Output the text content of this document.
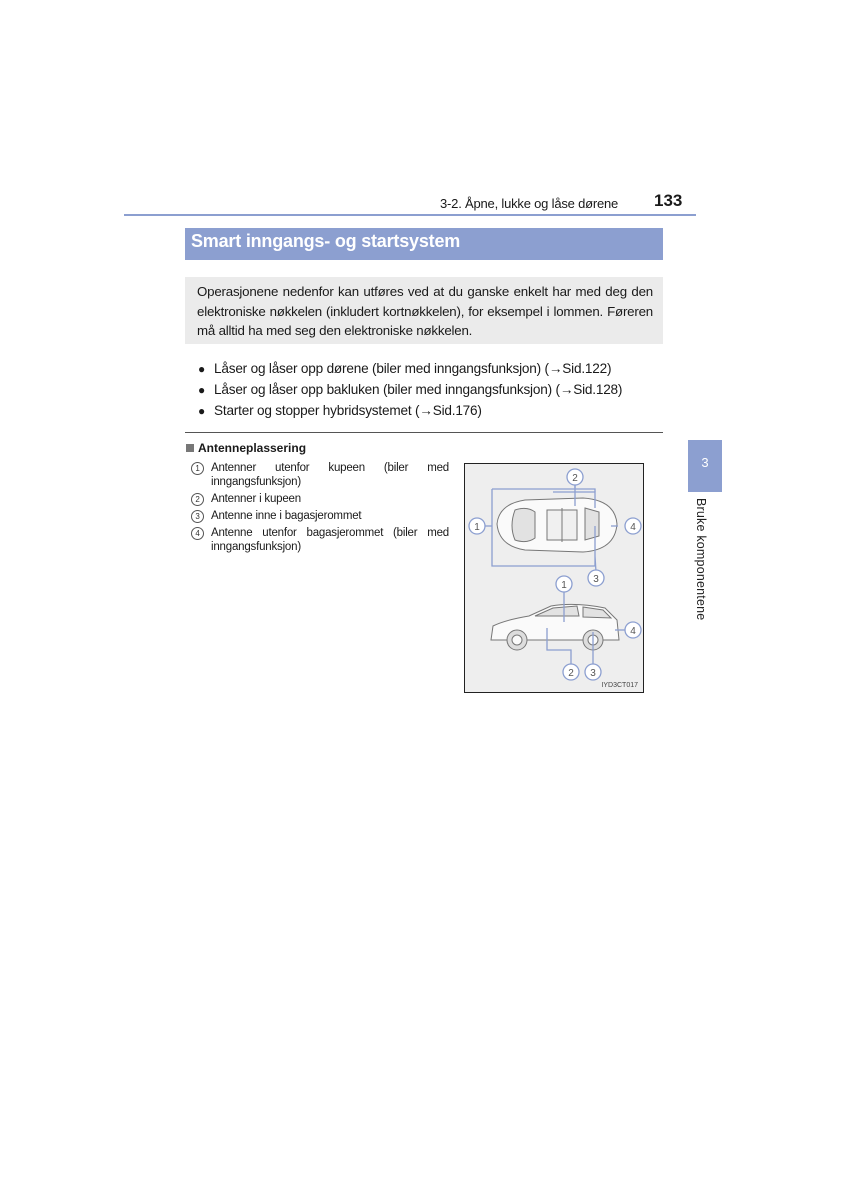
3-2. Åpne, lukke og låse dørene 133
Smart inngangs- og startsystem
Operasjonene nedenfor kan utføres ved at du ganske enkelt har med deg den elektroniske nøkkelen (inkludert kortnøkkelen), for eksempel i lommen. Føreren må alltid ha med seg den elektroniske nøkkelen.
● Låser og låser opp dørene (biler med inngangsfunksjon) (→Sid.122)
● Låser og låser opp bakluken (biler med inngangsfunksjon) (→Sid.128)
● Starter og stopper hybridsystemet (→Sid.176)
Antenneplassering
1 Antenner utenfor kupeen (biler med inngangsfunksjon)
2 Antenner i kupeen
3 Antenne inne i bagasjerommet
4 Antenne utenfor bagasjerommet (biler med inngangsfunksjon)
1
2
3
4
1
4
2 3
IYD3CT017
3
Bruke komponentene
